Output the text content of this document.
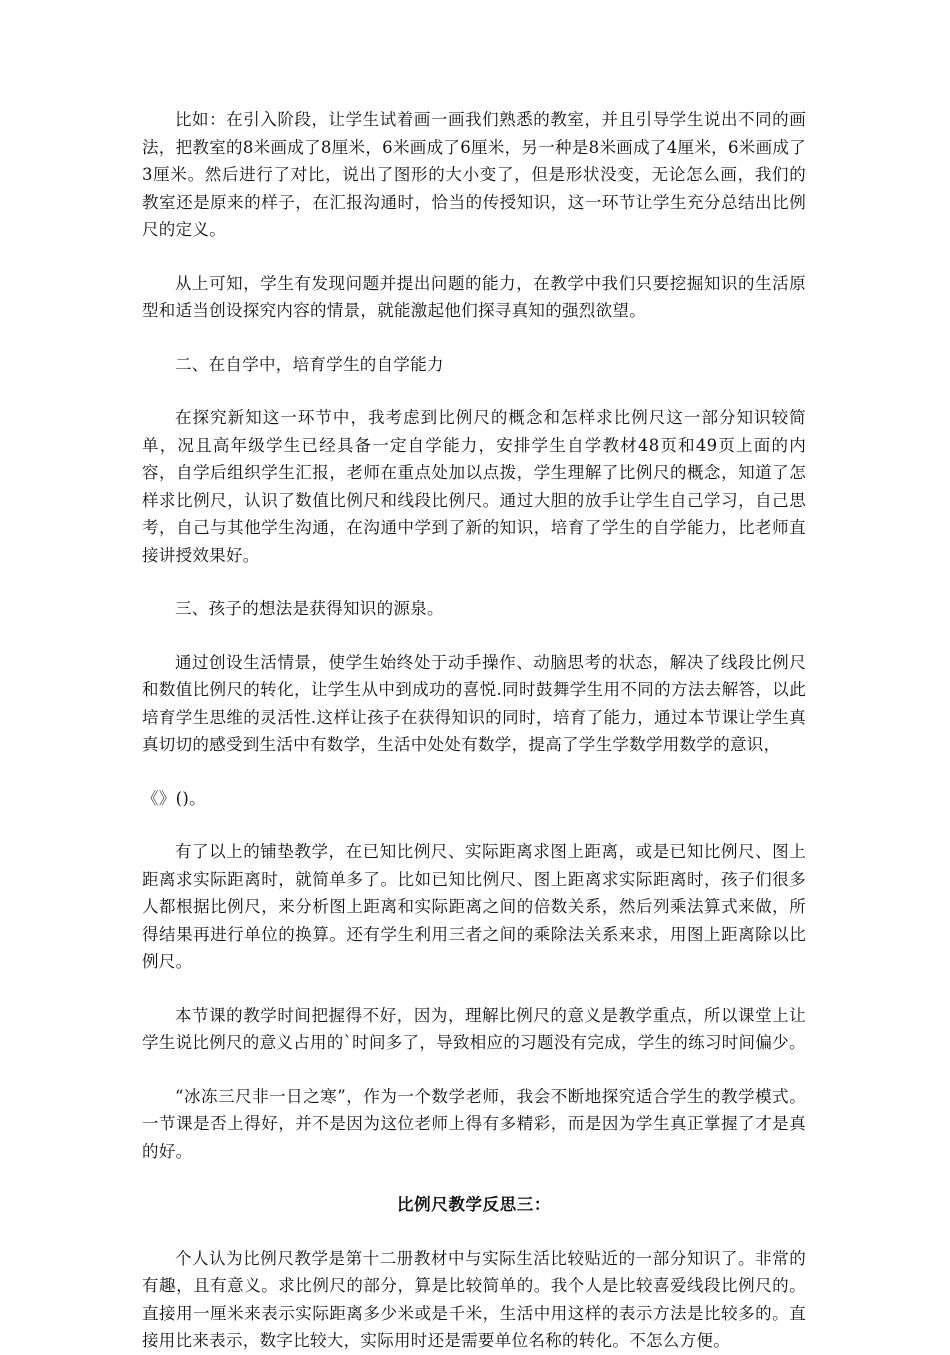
比如：在引入阶段，让学生试着画一画我们熟悉的教室，并且引导学生说出不同的画法，把教室的8米画成了8厘米，6米画成了6厘米，另一种是8米画成了4厘米，6米画成了3厘米。然后进行了对比，说出了图形的大小变了，但是形状没变，无论怎么画，我们的教室还是原来的样子，在汇报沟通时，恰当的传授知识，这一环节让学生充分总结出比例尺的定义。

从上可知，学生有发现问题并提出问题的能力，在教学中我们只要挖掘知识的生活原型和适当创设探究内容的情景，就能激起他们探寻真知的强烈欲望。

二、在自学中，培育学生的自学能力

在探究新知这一环节中，我考虑到比例尺的概念和怎样求比例尺这一部分知识较简单，况且高年级学生已经具备一定自学能力，安排学生自学教材48页和49页上面的内容，自学后组织学生汇报，老师在重点处加以点拨，学生理解了比例尺的概念，知道了怎样求比例尺，认识了数值比例尺和线段比例尺。通过大胆的放手让学生自己学习，自己思考，自己与其他学生沟通，在沟通中学到了新的知识，培育了学生的自学能力，比老师直接讲授效果好。

三、孩子的想法是获得知识的源泉。

通过创设生活情景，使学生始终处于动手操作、动脑思考的状态，解决了线段比例尺和数值比例尺的转化，让学生从中到成功的喜悦.同时鼓舞学生用不同的方法去解答，以此培育学生思维的灵活性.这样让孩子在获得知识的同时，培育了能力，通过本节课让学生真真切切的感受到生活中有数学，生活中处处有数学，提高了学生学数学用数学的意识，

《》()。

有了以上的铺垫教学，在已知比例尺、实际距离求图上距离，或是已知比例尺、图上距离求实际距离时，就简单多了。比如已知比例尺、图上距离求实际距离时，孩子们很多人都根据比例尺，来分析图上距离和实际距离之间的倍数关系，然后列乘法算式来做，所得结果再进行单位的换算。还有学生利用三者之间的乘除法关系来求，用图上距离除以比例尺。

本节课的教学时间把握得不好，因为，理解比例尺的意义是教学重点，所以课堂上让学生说比例尺的意义占用的`时间多了，导致相应的习题没有完成，学生的练习时间偏少。

“冰冻三尺非一日之寒”，作为一个数学老师，我会不断地探究适合学生的教学模式。一节课是否上得好，并不是因为这位老师上得有多精彩，而是因为学生真正掌握了才是真的好。

比例尺教学反思三：

个人认为比例尺教学是第十二册教材中与实际生活比较贴近的一部分知识了。非常的有趣，且有意义。求比例尺的部分，算是比较简单的。我个人是比较喜爱线段比例尺的。直接用一厘米来表示实际距离多少米或是千米，生活中用这样的表示方法是比较多的。直接用比来表示，数字比较大，实际用时还是需要单位名称的转化。不怎么方便。
